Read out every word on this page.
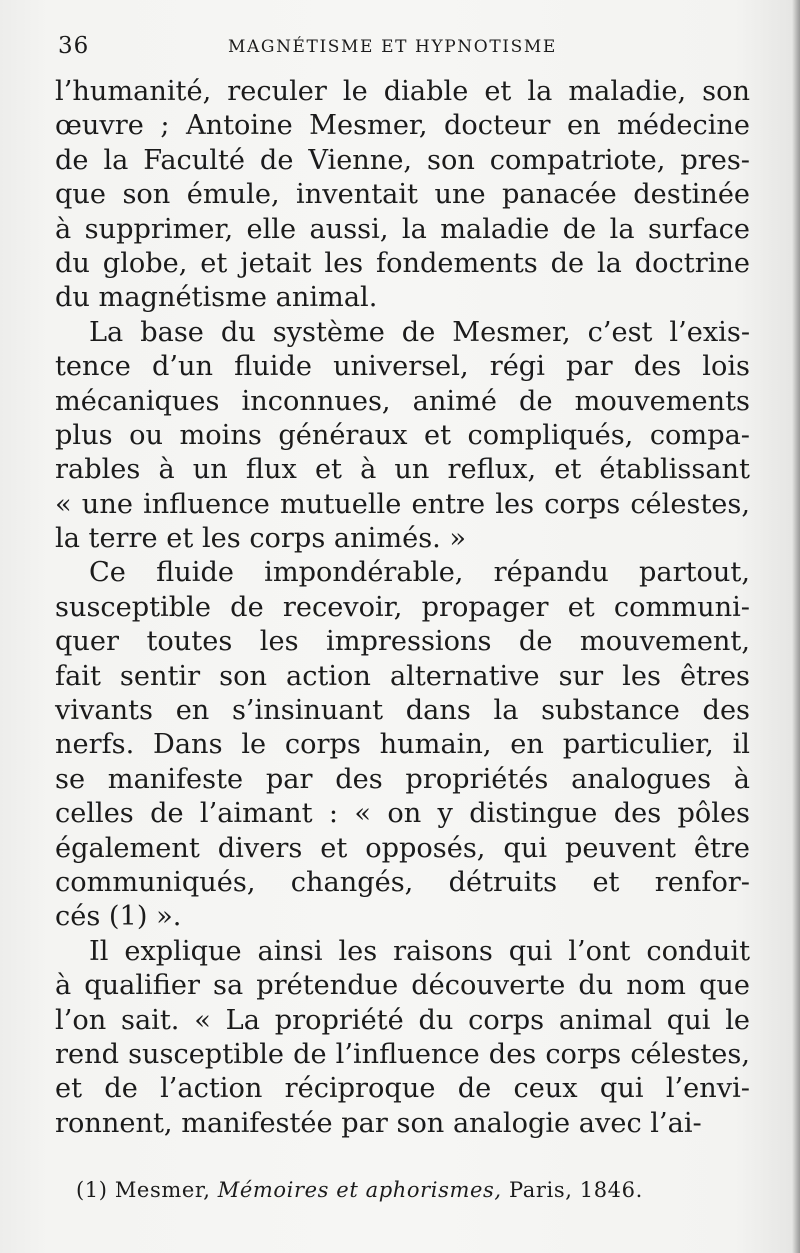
36	MAGNÉTISME ET HYPNOTISME
l’humanité, reculer le diable et la maladie, son
œuvre ; Antoine Mesmer, docteur en médecine
de la Faculté de Vienne, son compatriote, pres-
que son émule, inventait une panacée destinée
à supprimer, elle aussi, la maladie de la surface
du globe, et jetait les fondements de la doctrine
du magnétisme animal.
La base du système de Mesmer, c’est l’exis-
tence d’un fluide universel, régi par des lois
mécaniques inconnues, animé de mouvements
plus ou moins généraux et compliqués, compa-
rables à un flux et à un reflux, et établissant
« une influence mutuelle entre les corps célestes,
la terre et les corps animés. »
Ce fluide impondérable, répandu partout,
susceptible de recevoir, propager et communi-
quer toutes les impressions de mouvement,
fait sentir son action alternative sur les êtres
vivants en s’insinuant dans la substance des
nerfs. Dans le corps humain, en particulier, il
se manifeste par des propriétés analogues à
celles de l’aimant : « on y distingue des pôles
également divers et opposés, qui peuvent être
communiqués, changés, détruits et renfor-
cés (1) ».
Il explique ainsi les raisons qui l’ont conduit
à qualifier sa prétendue découverte du nom que
l’on sait. « La propriété du corps animal qui le
rend susceptible de l’influence des corps célestes,
et de l’action réciproque de ceux qui l’envi-
ronnent, manifestée par son analogie avec l’ai-
(1) Mesmer, Mémoires et aphorismes, Paris, 1846.
